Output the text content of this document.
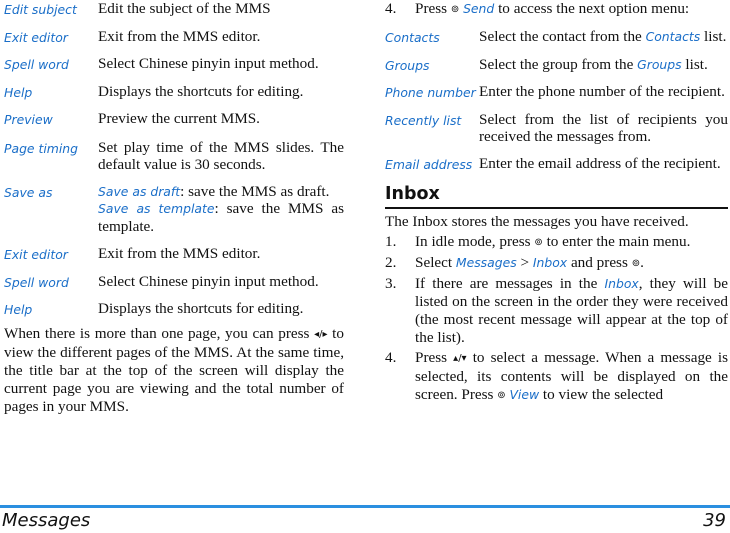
Edit subject	Edit the subject of the MMS
Exit editor	Exit from the MMS editor.
Spell word	Select Chinese pinyin input method.
Help	Displays the shortcuts for editing.
Preview	Preview the current MMS.
Page timing	Set play time of the MMS slides. The default value is 30 seconds.
Save as	Save as draft: save the MMS as draft.
Save as template: save the MMS as template.

Exit editor	Exit from the MMS editor.
Spell word	Select Chinese pinyin input method.
Help	Displays the shortcuts for editing.

When there is more than one page, you can press ◂/▸ to view the different pages of the MMS. At the same time, the title bar at the top of the screen will display the current page you are viewing and the total number of pages in your MMS.

4. Press ⊚ Send to access the next option menu:
Contacts	Select the contact from the Contacts list.
Groups	Select the group from the Groups list.
Phone number	Enter the phone number of the recipient.
Recently list	Select from the list of recipients you received the messages from.
Email address	Enter the email address of the recipient.
Inbox

The Inbox stores the messages you have received.

1. In idle mode, press ⊚ to enter the main menu.
2. Select Messages > Inbox and press ⊚.
3. If there are messages in the Inbox, they will be listed on the screen in the order they were received (the most recent message will appear at the top of the list).
4. Press ▴/▾ to select a message. When a message is selected, its contents will be displayed on the screen. Press ⊚ View to view the selected
Messages	39
